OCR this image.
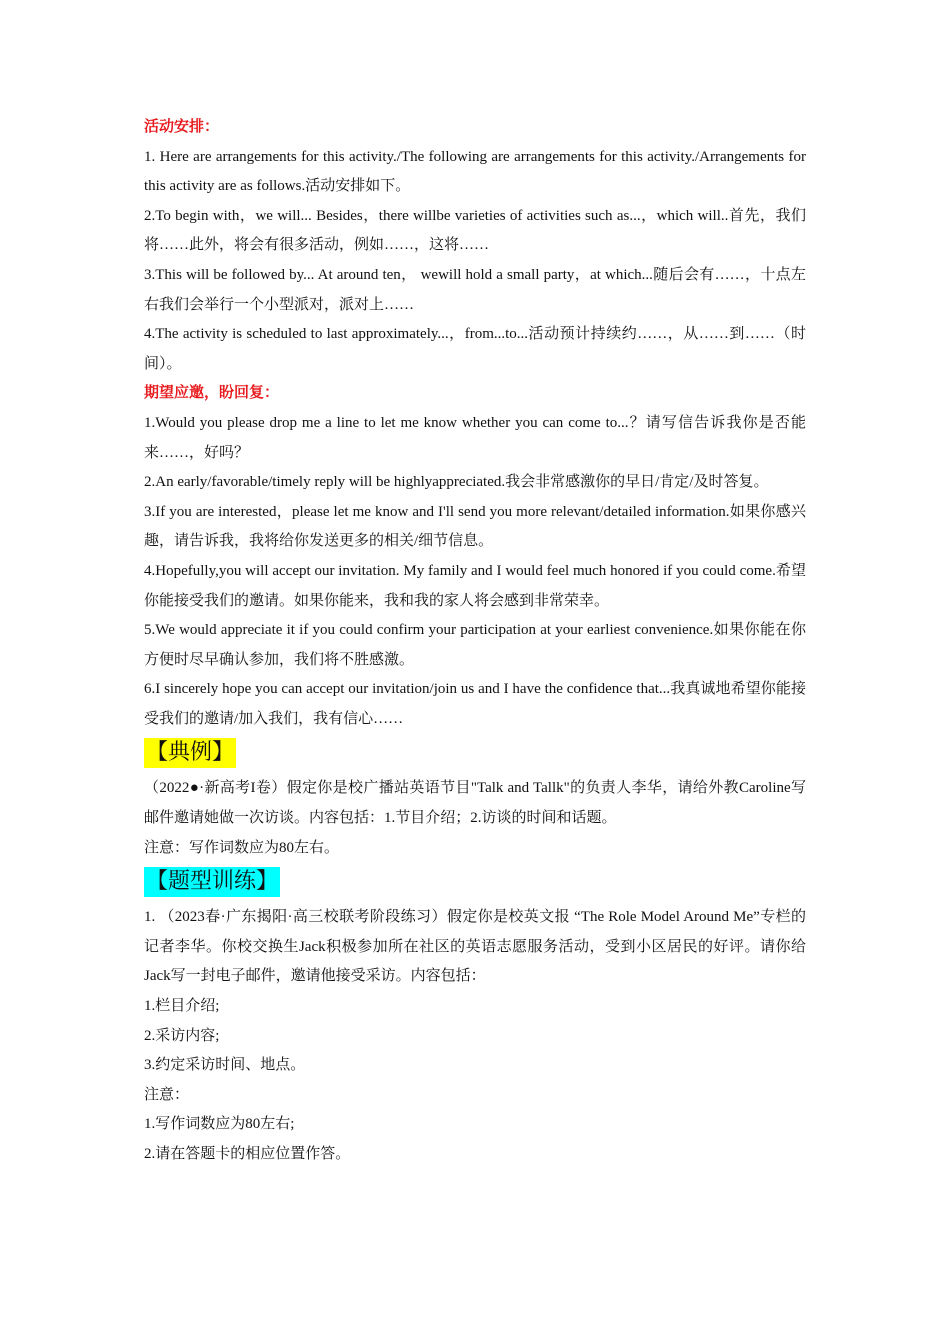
活动安排：

1. Here are arrangements for this activity./The following are arrangements for this activity./Arrangements for this activity are as follows.活动安排如下。

2.To begin with，we will... Besides，there willbe varieties of activities such as...，which will..首先，我们将……此外，将会有很多活动，例如……，这将……

3.This will be followed by... At around ten， wewill hold a small party，at which...随后会有……，十点左右我们会举行一个小型派对，派对上……

4.The activity is scheduled to last approximately...，from...to...活动预计持续约……，从……到……（时间）。

期望应邀，盼回复：

1.Would you please drop me a line to let me know whether you can come to...？请写信告诉我你是否能来……，好吗？

2.An early/favorable/timely reply will be highlyappreciated.我会非常感激你的早日/肯定/及时答复。

3.If you are interested，please let me know and I'll send you more relevant/detailed information.如果你感兴趣，请告诉我，我将给你发送更多的相关/细节信息。

4.Hopefully,you will accept our invitation. My family and I would feel much honored if you could come.希望你能接受我们的邀请。如果你能来，我和我的家人将会感到非常荣幸。

5.We would appreciate it if you could confirm your participation at your earliest convenience.如果你能在你方便时尽早确认参加，我们将不胜感激。

6.I sincerely hope you can accept our invitation/join us and I have the confidence that...我真诚地希望你能接受我们的邀请/加入我们，我有信心……

【典例】

（2022●·新高考I卷）假定你是校广播站英语节目"Talk and Tallk"的负责人李华，请给外教Caroline写邮件邀请她做一次访谈。内容包括：1.节目介绍；2.访谈的时间和话题。

注意：写作词数应为80左右。

【题型训练】

1. （2023春·广东揭阳·高三校联考阶段练习）假定你是校英文报 “The Role Model Around Me”专栏的记者李华。你校交换生Jack积极参加所在社区的英语志愿服务活动，受到小区居民的好评。请你给Jack写一封电子邮件，邀请他接受采访。内容包括：

1.栏目介绍;

2.采访内容;

3.约定采访时间、地点。

注意：

1.写作词数应为80左右;

2.请在答题卡的相应位置作答。
